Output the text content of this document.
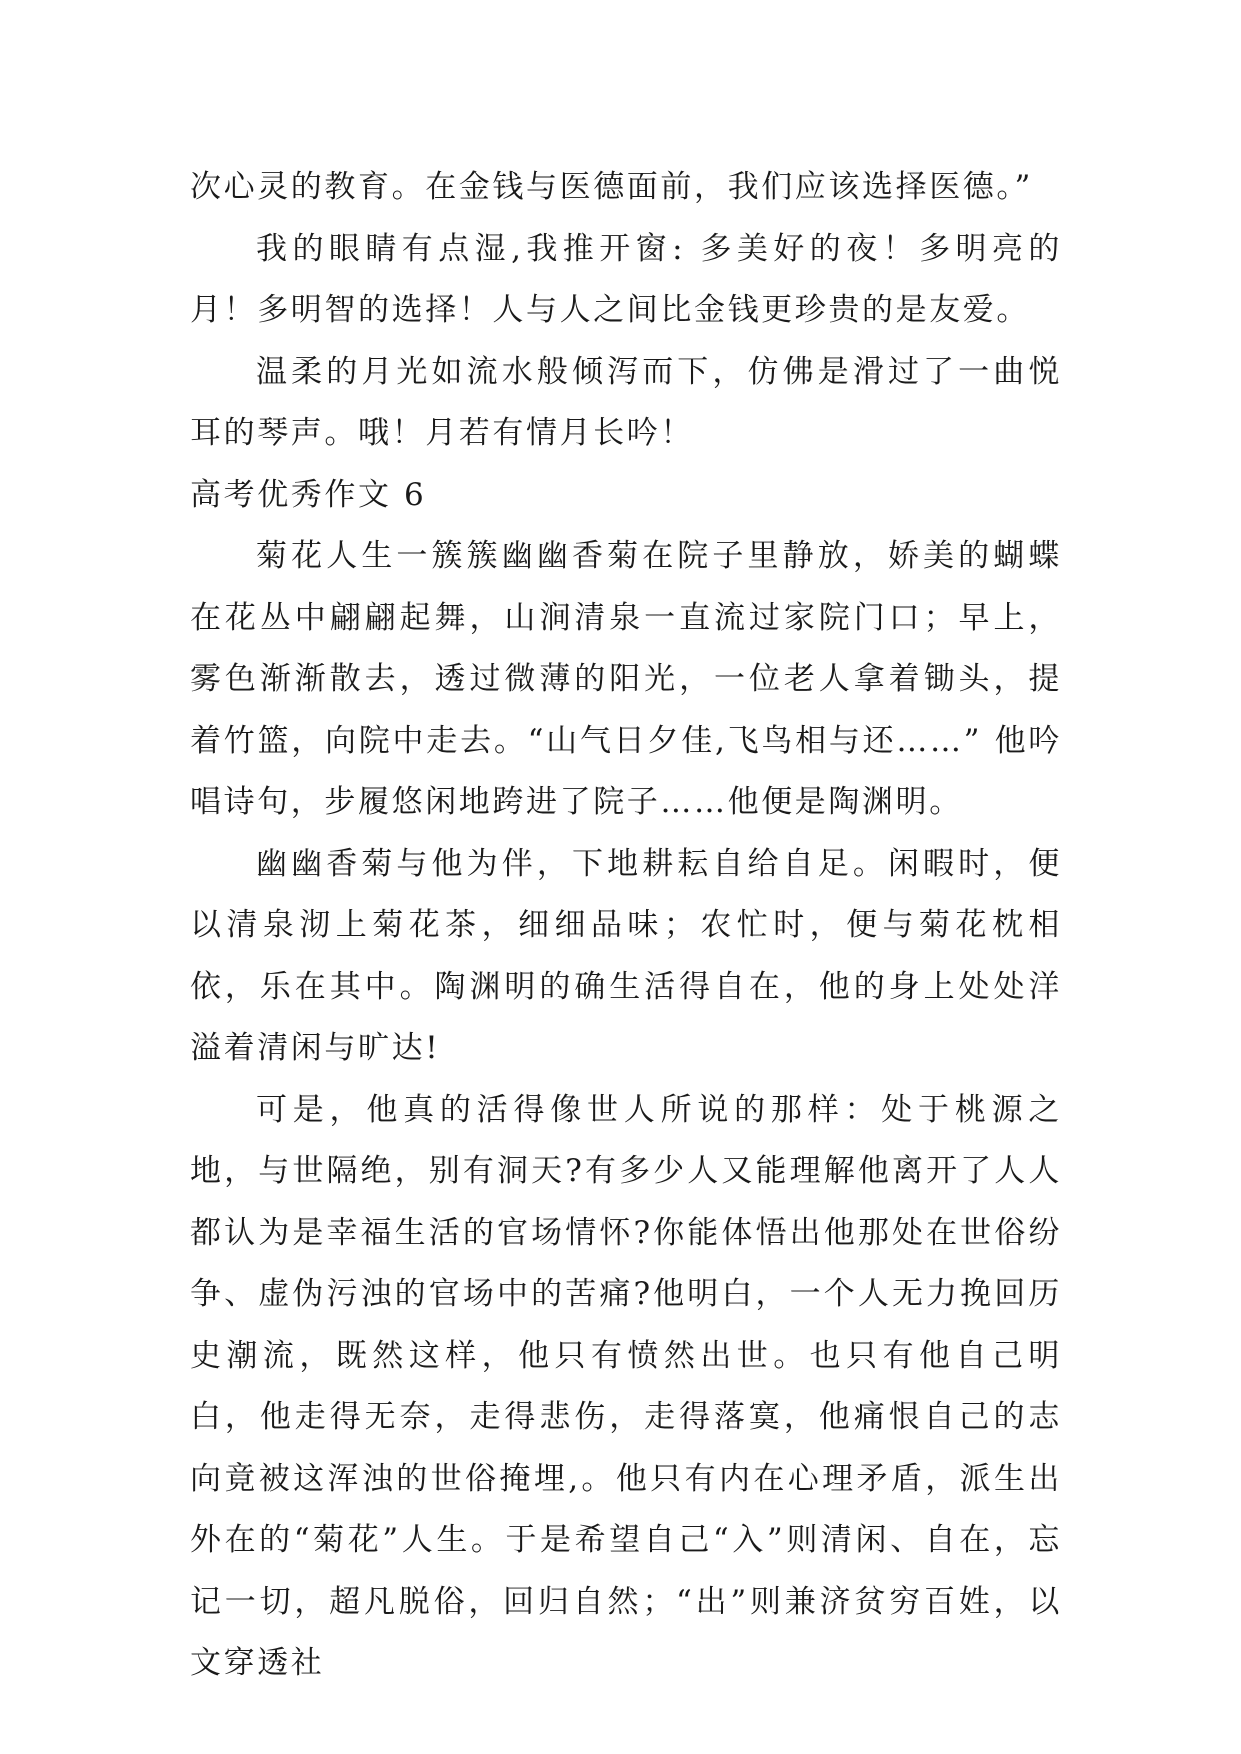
次心灵的教育。在金钱与医德面前，我们应该选择医德。”

我的眼睛有点湿,我推开窗: 多美好的夜！多明亮的月！多明智的选择！人与人之间比金钱更珍贵的是友爱。

温柔的月光如流水般倾泻而下，仿佛是滑过了一曲悦耳的琴声。哦！月若有情月长吟！

高考优秀作文 6

菊花人生一簇簇幽幽香菊在院子里静放，娇美的蝴蝶在花丛中翩翩起舞，山涧清泉一直流过家院门口；早上，雾色渐渐散去，透过微薄的阳光，一位老人拿着锄头，提着竹篮，向院中走去。“山气日夕佳,飞鸟相与还……” 他吟唱诗句，步履悠闲地跨进了院子……他便是陶渊明。

幽幽香菊与他为伴，下地耕耘自给自足。闲暇时，便以清泉沏上菊花茶，细细品味；农忙时，便与菊花枕相依，乐在其中。陶渊明的确生活得自在，他的身上处处洋溢着清闲与旷达!

可是，他真的活得像世人所说的那样：处于桃源之地，与世隔绝，别有洞天?有多少人又能理解他离开了人人都认为是幸福生活的官场情怀?你能体悟出他那处在世俗纷争、虚伪污浊的官场中的苦痛?他明白，一个人无力挽回历史潮流，既然这样，他只有愤然出世。也只有他自己明白，他走得无奈，走得悲伤，走得落寞，他痛恨自己的志向竟被这浑浊的世俗掩埋,。他只有内在心理矛盾，派生出外在的“菊花”人生。于是希望自己“入”则清闲、自在，忘记一切，超凡脱俗，回归自然；“出”则兼济贫穷百姓，以文穿透社
